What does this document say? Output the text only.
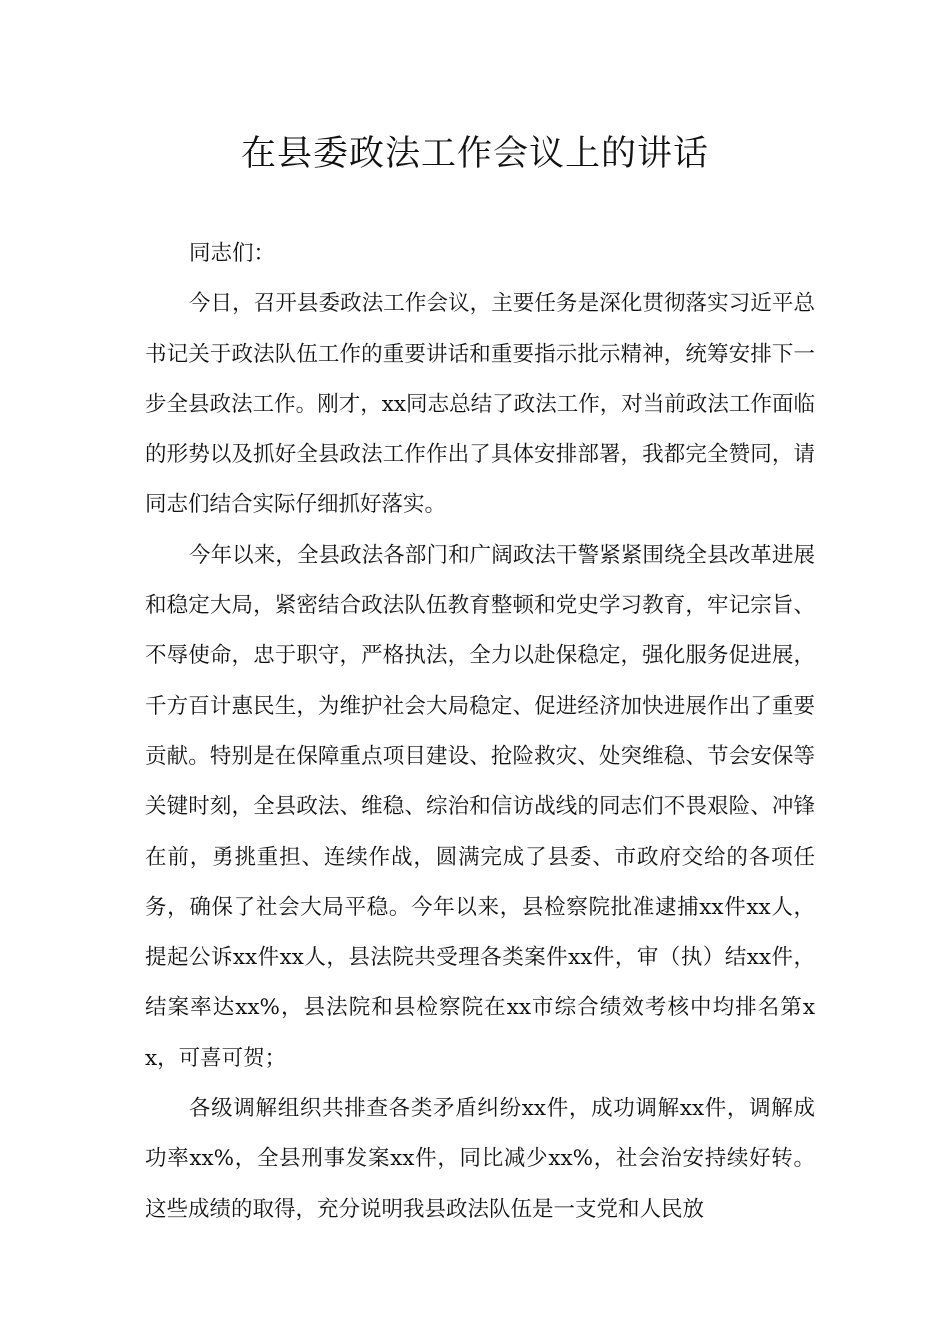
在县委政法工作会议上的讲话

同志们：

今日，召开县委政法工作会议，主要任务是深化贯彻落实习近平总书记关于政法队伍工作的重要讲话和重要指示批示精神，统筹安排下一步全县政法工作。刚才，xx同志总结了政法工作，对当前政法工作面临的形势以及抓好全县政法工作作出了具体安排部署，我都完全赞同，请同志们结合实际仔细抓好落实。

今年以来，全县政法各部门和广阔政法干警紧紧围绕全县改革进展和稳定大局，紧密结合政法队伍教育整顿和党史学习教育，牢记宗旨、不辱使命，忠于职守，严格执法，全力以赴保稳定，强化服务促进展，千方百计惠民生，为维护社会大局稳定、促进经济加快进展作出了重要贡献。特别是在保障重点项目建设、抢险救灾、处突维稳、节会安保等关键时刻，全县政法、维稳、综治和信访战线的同志们不畏艰险、冲锋在前，勇挑重担、连续作战，圆满完成了县委、市政府交给的各项任务，确保了社会大局平稳。今年以来，县检察院批准逮捕xx件xx人，提起公诉xx件xx人，县法院共受理各类案件xx件，审（执）结xx件，结案率达xx%，县法院和县检察院在xx市综合绩效考核中均排名第xx，可喜可贺；

各级调解组织共排查各类矛盾纠纷xx件，成功调解xx件，调解成功率xx%，全县刑事发案xx件，同比减少xx%，社会治安持续好转。这些成绩的取得，充分说明我县政法队伍是一支党和人民放
